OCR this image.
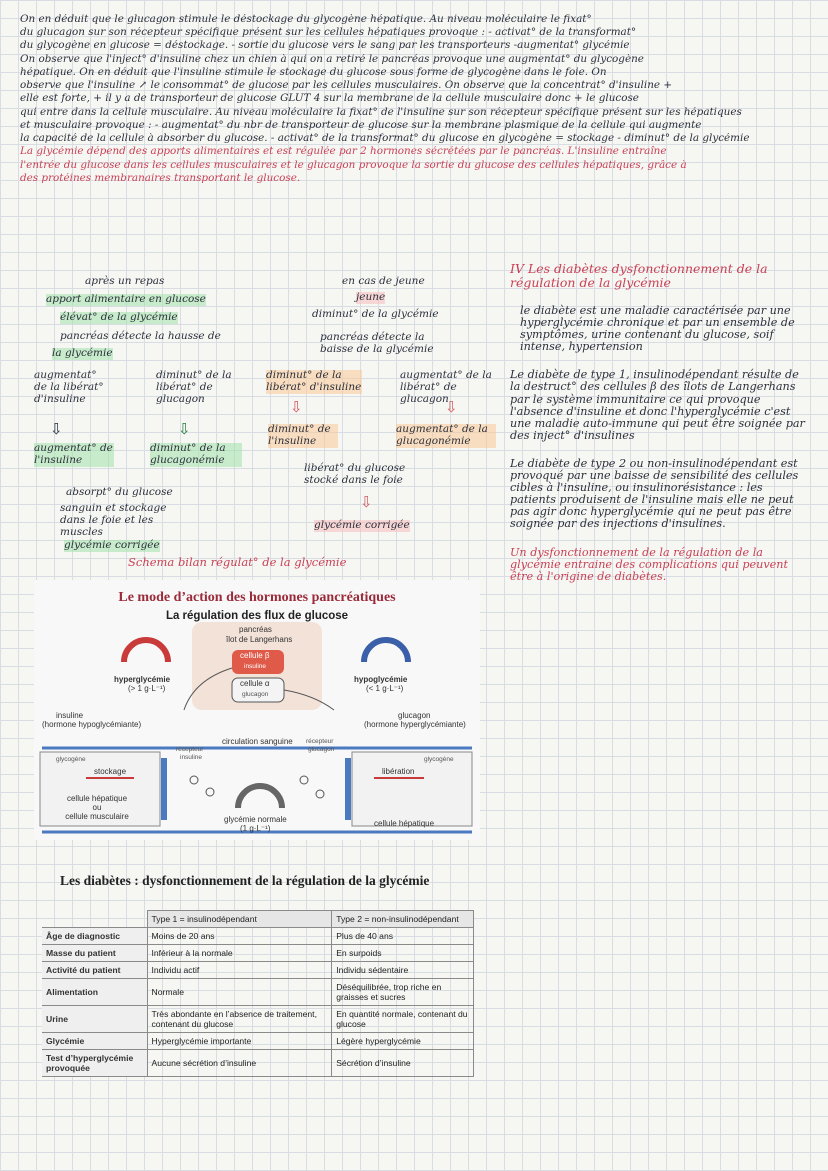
On en déduit que le glucagon stimule le déstockage du glycogène hépatique. Au niveau moléculaire le fixat°

du glucagon sur son récepteur spécifique présent sur les cellules hépatiques provoque : - activat° de la transformat°

du glycogène en glucose = déstockage. - sortie du glucose vers le sang par les transporteurs -augmentat° glycémie

On observe que l'inject° d'insuline chez un chien à qui on a retiré le pancréas provoque une augmentat° du glycogène

hépatique. On en déduit que l'insuline stimule le stockage du glucose sous forme de glycogène dans le foie. On

observe que l'insuline ↗ le consommat° de glucose par les cellules musculaires. On observe que la concentrat° d'insuline +

elle est forte, + il y a de transporteur de glucose GLUT 4 sur la membrane de la cellule musculaire donc + le glucose

qui entre dans la cellule musculaire. Au niveau moléculaire la fixat° de l'insuline sur son récepteur spécifique présent sur les hépatiques

et musculaire provoque : - augmentat° du nbr de transporteur de glucose sur la membrane plasmique de la cellule qui augmente

la capacité de la cellule à absorber du glucose. - activat° de la transformat° du glucose en glycogène = stockage - diminut° de la glycémie

La glycémie dépend des apports alimentaires et est régulée par 2 hormones sécrétées par le pancréas. L'insuline entraîne

l'entrée du glucose dans les cellules musculaires et le glucagon provoque la sortie du glucose des cellules hépatiques, grâce à

des protéines membranaires transportant le glucose.

après un repas
apport alimentaire en glucose
élévat° de la glycémie
pancréas détecte la hausse de
la glycémie
augmentat° de la libérat° d'insuline
diminut° de la libérat° de glucagon
⇩	⇩
augmentat° de l'insuline
diminut° de la glucagonémie
absorpt° du glucose
sanguin et stockage dans le foie et les muscles
glycémie corrigée
en cas de jeune
jeune
diminut° de la glycémie
pancréas détecte la baisse de la glycémie
diminut° de la libérat° d'insuline
augmentat° de la libérat° de glucagon
⇩	⇩
diminut° de l'insuline
augmentat° de la glucagonémie
libérat° du glucose stocké dans le foie
⇩
glycémie corrigée
Schema bilan régulat° de la glycémie
IV Les diabètes dysfonctionnement de la régulation de la glycémie
le diabète est une maladie caractérisée par une hyperglycémie chronique et par un ensemble de symptômes, urine contenant du glucose, soif intense, hypertension
Le diabète de type 1, insulinodépendant résulte de la destruct° des cellules β des îlots de Langerhans par le système immunitaire ce qui provoque l'absence d'insuline et donc l'hyperglycémie c'est une maladie auto-immune qui peut être soignée par des inject° d'insulines
Le diabète de type 2 ou non-insulinodépendant est provoqué par une baisse de sensibilité des cellules cibles à l'insuline, ou insulinorésistance : les patients produisent de l'insuline mais elle ne peut pas agir donc hyperglycémie qui ne peut pas être soignée par des injections d'insulines.
Un dysfonctionnement de la régulation de la glycémie entraine des complications qui peuvent être à l'origine de diabètes.
Le mode d’action des hormones pancréatiques
La régulation des flux de glucose
pancréas
îlot de Langerhans
cellule β
insuline
cellule α
glucagon
hyperglycémie
(> 1 g·L⁻¹)
hypoglycémie
(< 1 g·L⁻¹)
insuline
(hormone hypoglycémiante)
glucagon
(hormone hyperglycémiante)
glycogène	glycogène
récepteur
insuline
circulation sanguine récepteur
glucagon
stockage	libération
cellule hépatique
ou
cellule musculaire
cellule hépatique
glycémie normale
(1 g·L⁻¹)
Les diabètes : dysfonctionnement de la régulation de la glycémie
	Type 1 = insulinodépendant	Type 2 = non-insulinodépendant
Âge de diagnostic	Moins de 20 ans	Plus de 40 ans
Masse du patient	Inférieur à la normale	En surpoids
Activité du patient	Individu actif	Individu sédentaire
Alimentation	Normale	Déséquilibrée, trop riche en graisses et sucres
Urine	Très abondante en l’absence de traitement, contenant du glucose	En quantité normale, contenant du glucose
Glycémie	Hyperglycémie importante	Légère hyperglycémie
Test d’hyperglycémie provoquée	Aucune sécrétion d’insuline	Sécrétion d’insuline
